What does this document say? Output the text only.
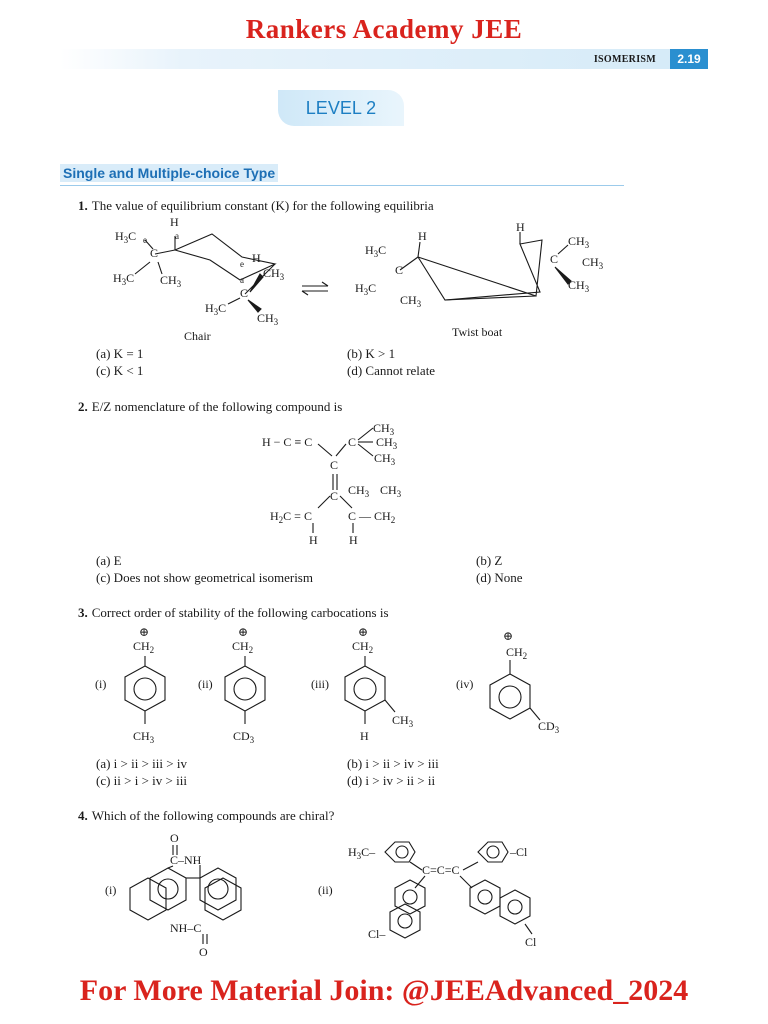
Rankers Academy JEE
ISOMERISM	2.19
LEVEL 2
Single and Multiple-choice Type
1. The value of equilibrium constant (K) for the following equilibria
H
a
e
$H_3C$
C
$H_3C$ $CH_3$
H
e
a
C
$CH_3$
$H_3C$
$CH_3$
Chair
H
H
$H_3C$
C
$H_3C$
$CH_3$
C
$CH_3$
$CH_3$
$CH_3$
Twist boat
(a) K = 1	(b) K > 1
(c) K < 1	(d) Cannot relate
2. E/Z nomenclature of the following compound is
H − C ≡ C	C
$CH_3$
$CH_3$
$CH_3$
C
C $CH_3$ $CH_3$
$H_2C = C$	C — $CH_2$
H	H
(a) E	(b) Z
(c) Does not show geometrical isomerism	(d) None
3. Correct order of stability of the following carbocations is
(i)
⊕
$CH_2$
$CH_3$
(ii)
⊕
$CH_2$
$CD_3$
(iii)
⊕
$CH_2$
$CH_3$
H
(iv)
⊕
$CH_2$
$CD_3$
(a) i > ii > iii > iv	(b) i > ii > iv > iii
(c) ii > i > iv > iii	(d) i > iv > ii > ii
4. Which of the following compounds are chiral?
(i)
O
C–NH
NH–C
O
(ii)
$H_3C-$
C=C=C
–Cl
Cl–
Cl
For More Material Join: @JEEAdvanced_2024
